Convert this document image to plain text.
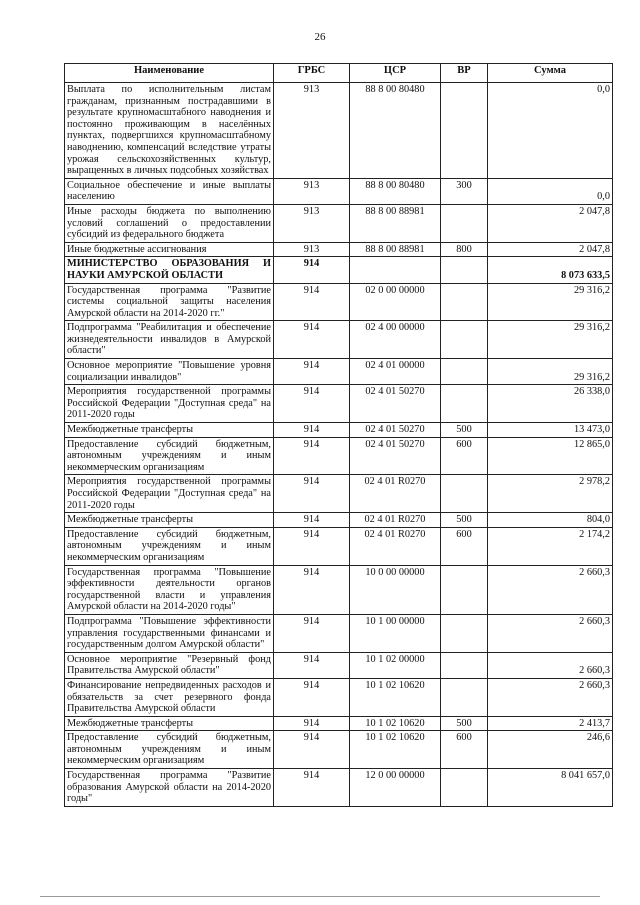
26
Наименование	ГРБС	ЦСР	ВР	Сумма
Выплата по исполнительным листам гражданам, признанным пострадавшими в результате крупномасштабного наводнения и постоянно проживающим в населённых пунктах, подвергшихся крупномасштабному наводнению, компенсаций вследствие утраты урожая сельскохозяйственных культур, выращенных в личных подсобных хозяйствах	913	88 8 00 80480		0,0
Социальное обеспечение и иные выплаты населению	913	88 8 00 80480	300	0,0
Иные расходы бюджета по выполнению условий соглашений о предоставлении субсидий из федерального бюджета	913	88 8 00 88981		2 047,8
Иные бюджетные ассигнования	913	88 8 00 88981	800	2 047,8
МИНИСТЕРСТВО ОБРАЗОВАНИЯ И НАУКИ АМУРСКОЙ ОБЛАСТИ	914			8 073 633,5
Государственная программа "Развитие системы социальной защиты населения Амурской области на 2014-2020 гг."	914	02 0 00 00000		29 316,2
Подпрограмма "Реабилитация и обеспечение жизнедеятельности инвалидов в Амурской области"	914	02 4 00 00000		29 316,2
Основное мероприятие "Повышение уровня социализации инвалидов"	914	02 4 01 00000		29 316,2
Мероприятия государственной программы Российской Федерации "Доступная среда" на 2011-2020 годы	914	02 4 01 50270		26 338,0
Межбюджетные трансферты	914	02 4 01 50270	500	13 473,0
Предоставление субсидий бюджетным, автономным учреждениям и иным некоммерческим организациям	914	02 4 01 50270	600	12 865,0
Мероприятия государственной программы Российской Федерации "Доступная среда" на 2011-2020 годы	914	02 4 01 R0270		2 978,2
Межбюджетные трансферты	914	02 4 01 R0270	500	804,0
Предоставление субсидий бюджетным, автономным учреждениям и иным некоммерческим организациям	914	02 4 01 R0270	600	2 174,2
Государственная программа "Повышение эффективности деятельности органов государственной власти и управления Амурской области на 2014-2020 годы"	914	10 0 00 00000		2 660,3
Подпрограмма "Повышение эффективности управления государственными финансами и государственным долгом Амурской области"	914	10 1 00 00000		2 660,3
Основное мероприятие "Резервный фонд Правительства Амурской области"	914	10 1 02 00000		2 660,3
Финансирование непредвиденных расходов и обязательств за счет резервного фонда Правительства Амурской области	914	10 1 02 10620		2 660,3
Межбюджетные трансферты	914	10 1 02 10620	500	2 413,7
Предоставление субсидий бюджетным, автономным учреждениям и иным некоммерческим организациям	914	10 1 02 10620	600	246,6
Государственная программа "Развитие образования Амурской области на 2014-2020 годы"	914	12 0 00 00000		8 041 657,0
